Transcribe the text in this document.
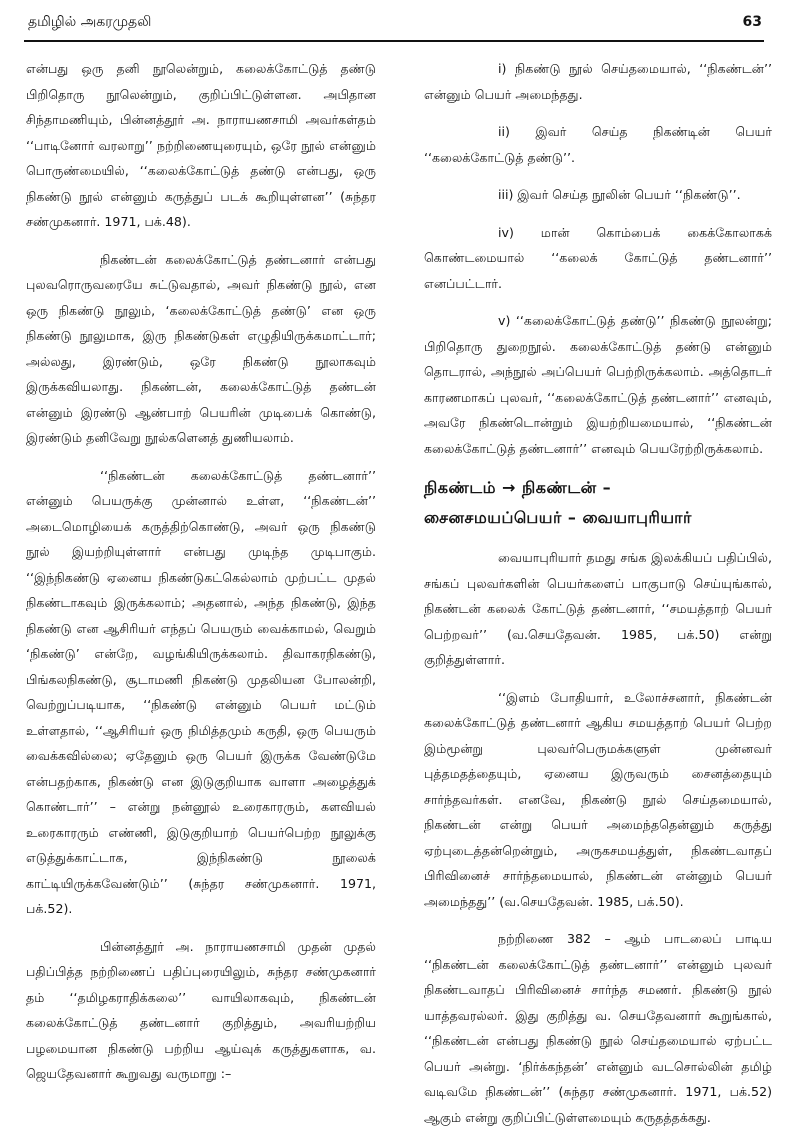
தமிழில் அகரமுதலி	63

என்பது ஒரு தனி நூலென்றும், கலைக்கோட்டுத் தண்டு பிறிதொரு நூலென்றும், குறிப்பிட்டுள்ளன. அபிதான சிந்தாமணியும், பின்னத்தூர் அ. நாராயணசாமி அவர்கள்தம் ‘‘பாடினோர் வரலாறு’’ நற்றிணையுரையும், ஒரே நூல் என்னும் பொருண்மையில், ‘‘கலைக்கோட்டுத் தண்டு என்பது, ஒரு நிகண்டு நூல் என்னும் கருத்துப் படக் கூறியுள்ளன’’ (சுந்தர சண்முகனார். 1971, பக்.48).

நிகண்டன் கலைக்கோட்டுத் தண்டனார் என்பது புலவரொருவரையே சுட்டுவதால், அவர் நிகண்டு நூல், என ஒரு நிகண்டு நூலும், ‘கலைக்கோட்டுத் தண்டு’ என ஒரு நிகண்டு நூலுமாக, இரு நிகண்டுகள் எழுதியிருக்கமாட்டார்; அல்லது, இரண்டும், ஒரே நிகண்டு நூலாகவும் இருக்கவியலாது. நிகண்டன், கலைக்கோட்டுத் தண்டன் என்னும் இரண்டு ஆண்பாற் பெயரின் முடிபைக் கொண்டு, இரண்டும் தனிவேறு நூல்களெனத் துணியலாம்.

‘‘நிகண்டன் கலைக்கோட்டுத் தண்டனார்’’ என்னும் பெயருக்கு முன்னால் உள்ள, ‘‘நிகண்டன்’’ அடைமொழியைக் கருத்திற்கொண்டு, அவர் ஒரு நிகண்டு நூல் இயற்றியுள்ளார் என்பது முடிந்த முடிபாகும். ‘‘இந்நிகண்டு ஏனைய நிகண்டுகட்கெல்லாம் முற்பட்ட முதல் நிகண்டாகவும் இருக்கலாம்; அதனால், அந்த நிகண்டு, இந்த நிகண்டு என ஆசிரியர் எந்தப் பெயரும் வைக்காமல், வெறும் ‘நிகண்டு’ என்றே, வழங்கியிருக்கலாம். திவாகரநிகண்டு, பிங்கலநிகண்டு, சூடாமணி நிகண்டு முதலியன போலன்றி, வெற்றுப்படியாக, ‘‘நிகண்டு என்னும் பெயர் மட்டும் உள்ளதால், ‘‘ஆசிரியர் ஒரு நிமித்தமும் கருதி, ஒரு பெயரும் வைக்கவில்லை; ஏதேனும் ஒரு பெயர் இருக்க வேண்டுமே என்பதற்காக, நிகண்டு என இடுகுறியாக வாளா அழைத்துக் கொண்டார்’’ – என்று நன்னூல் உரைகாரரும், களவியல் உரைகாரரும் எண்ணி, இடுகுறியாற் பெயர்பெற்ற நூலுக்கு எடுத்துக்காட்டாக, இந்நிகண்டு நூலைக் காட்டியிருக்கவேண்டும்’’ (சுந்தர சண்முகனார். 1971, பக்.52).

பின்னத்தூர் அ. நாராயணசாமி முதன் முதல் பதிப்பித்த நற்றிணைப் பதிப்புரையிலும், சுந்தர சண்முகனார் தம் ‘‘தமிழகராதிக்கலை’’ வாயிலாகவும், நிகண்டன் கலைக்கோட்டுத் தண்டனார் குறித்தும், அவரியற்றிய பழமையான நிகண்டு பற்றிய ஆய்வுக் கருத்துகளாக, வ. ஜெயதேவனார் கூறுவது வருமாறு :–

i) நிகண்டு நூல் செய்தமையால், ‘‘நிகண்டன்’’ என்னும் பெயர் அமைந்தது.

ii) இவர் செய்த நிகண்டின் பெயர் ‘‘கலைக்கோட்டுத் தண்டு’’.

iii) இவர் செய்த நூலின் பெயர் ‘‘நிகண்டு’’.

iv) மான் கொம்பைக் கைக்கோலாகக் கொண்டமையால் ‘‘கலைக் கோட்டுத் தண்டனார்’’ எனப்பட்டார்.

v) ‘‘கலைக்கோட்டுத் தண்டு’’ நிகண்டு நூலன்று; பிறிதொரு துறைநூல். கலைக்கோட்டுத் தண்டு என்னும் தொடரால், அந்நூல் அப்பெயர் பெற்றிருக்கலாம். அத்தொடர் காரணமாகப் புலவர், ‘‘கலைக்கோட்டுத் தண்டனார்’’ எனவும், அவரே நிகண்டொன்றும் இயற்றியமையால், ‘‘நிகண்டன் கலைக்கோட்டுத் தண்டனார்’’ எனவும் பெயரேற்றிருக்கலாம்.

நிகண்டம் → நிகண்டன் –
சைனசமயப்பெயர் – வையாபுரியார்

வையாபுரியார் தமது சங்க இலக்கியப் பதிப்பில், சங்கப் புலவர்களின் பெயர்களைப் பாகுபாடு செய்யுங்கால், நிகண்டன் கலைக் கோட்டுத் தண்டனார், ‘‘சமயத்தாற் பெயர் பெற்றவர்’’ (வ.செயதேவன். 1985, பக்.50) என்று குறித்துள்ளார்.

‘‘இளம் போதியார், உலோச்சனார், நிகண்டன் கலைக்கோட்டுத் தண்டனார் ஆகிய சமயத்தாற் பெயர் பெற்ற இம்மூன்று புலவர்பெருமக்களுள் முன்னவர் புத்தமதத்தையும், ஏனைய இருவரும் சைனத்தையும் சார்ந்தவர்கள். எனவே, நிகண்டு நூல் செய்தமையால், நிகண்டன் என்று பெயர் அமைந்ததென்னும் கருத்து ஏற்புடைத்தன்றென்றும், அருகசமயத்துள், நிகண்டவாதப் பிரிவினைச் சார்ந்தமையால், நிகண்டன் என்னும் பெயர் அமைந்தது’’ (வ.செயதேவன். 1985, பக்.50).

நற்றிணை 382 – ஆம் பாடலைப் பாடிய ‘‘நிகண்டன் கலைக்கோட்டுத் தண்டனார்’’ என்னும் புலவர் நிகண்டவாதப் பிரிவினைச் சார்ந்த சமணர். நிகண்டு நூல் யாத்தவரல்லர். இது குறித்து வ. செயதேவனார் கூறுங்கால், ‘‘நிகண்டன் என்பது நிகண்டு நூல் செய்தமையால் ஏற்பட்ட பெயர் அன்று. ‘நிர்க்கந்தன்’ என்னும் வடசொல்லின் தமிழ் வடிவமே நிகண்டன்’’ (சுந்தர சண்முகனார். 1971, பக்.52) ஆகும் என்று குறிப்பிட்டுள்ளமையும் கருதத்தக்கது.
